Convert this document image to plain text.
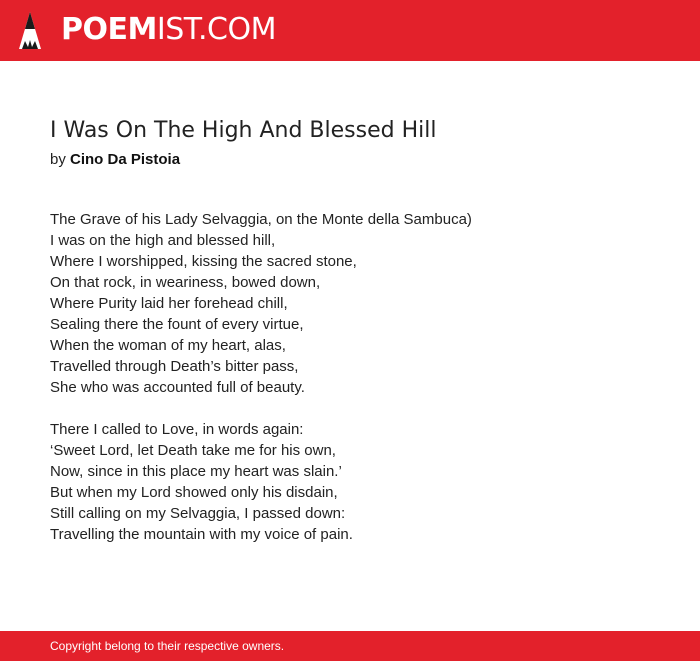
POEMIST.COM
I Was On The High And Blessed Hill

by Cino Da Pistoia

The Grave of his Lady Selvaggia, on the Monte della Sambuca)
I was on the high and blessed hill,
Where I worshipped, kissing the sacred stone,
On that rock, in weariness, bowed down,
Where Purity laid her forehead chill,
Sealing there the fount of every virtue,
When the woman of my heart, alas,
Travelled through Death’s bitter pass,
She who was accounted full of beauty.

There I called to Love, in words again:
‘Sweet Lord, let Death take me for his own,
Now, since in this place my heart was slain.’
But when my Lord showed only his disdain,
Still calling on my Selvaggia, I passed down:
Travelling the mountain with my voice of pain.

Copyright belong to their respective owners.
